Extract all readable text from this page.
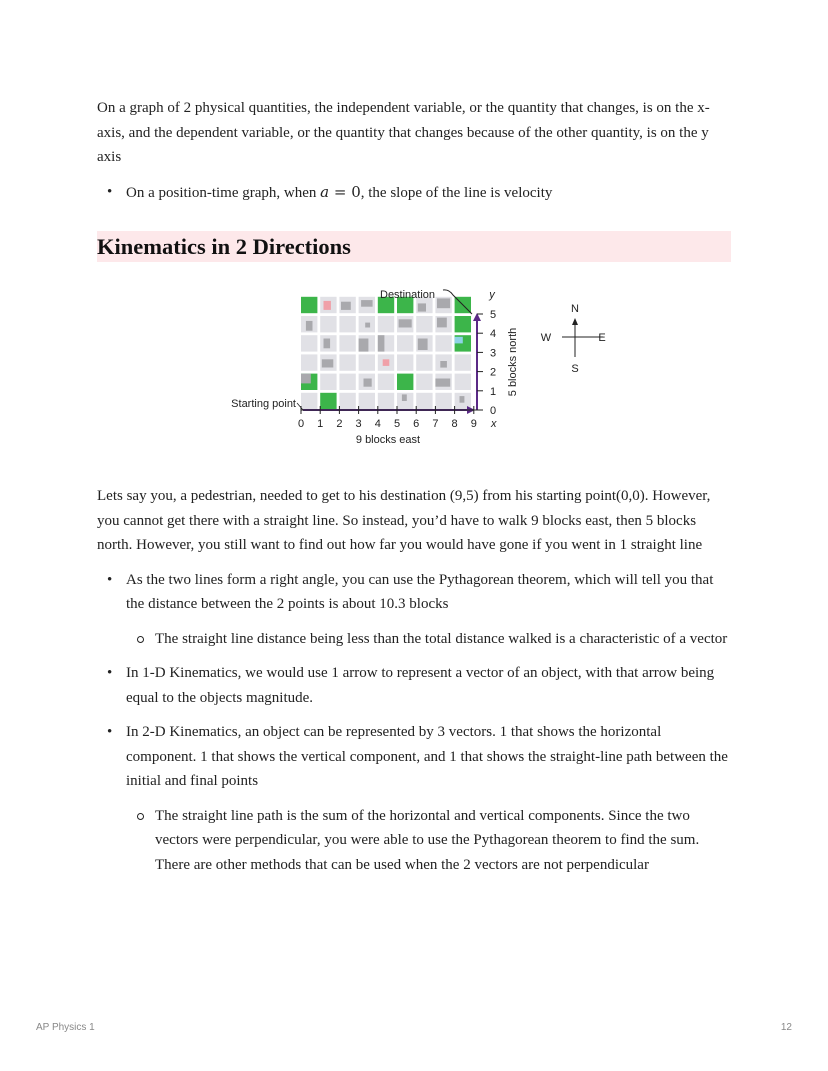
On a graph of 2 physical quantities, the independent variable, or the quantity that changes, is on the x-axis, and the dependent variable, or the quantity that changes because of the other quantity, is on the y axis

• On a position-time graph, when a = 0, the slope of the line is velocity
Kinematics in 2 Directions
Destination
Starting point
0 1 2 3 4 5 6 7 8 9
0
1
2
3
4
5
x
y
9 blocks east
5 blocks north
N
S
W	E

Lets say you, a pedestrian, needed to get to his destination (9,5) from his starting point(0,0). However, you cannot get there with a straight line. So instead, you’d have to walk 9 blocks east, then 5 blocks north. However, you still want to find out how far you would have gone if you went in 1 straight line

• As the two lines form a right angle, you can use the Pythagorean theorem, which will tell you that the distance between the 2 points is about 10.3 blocks
The straight line distance being less than the total distance walked is a characteristic of a vector
• In 1-D Kinematics, we would use 1 arrow to represent a vector of an object, with that arrow being equal to the objects magnitude.
• In 2-D Kinematics, an object can be represented by 3 vectors. 1 that shows the horizontal component. 1 that shows the vertical component, and 1 that shows the straight-line path between the initial and final points
The straight line path is the sum of the horizontal and vertical components. Since the two vectors were perpendicular, you were able to use the Pythagorean theorem to find the sum. There are other methods that can be used when the 2 vectors are not perpendicular
AP Physics 1	12
